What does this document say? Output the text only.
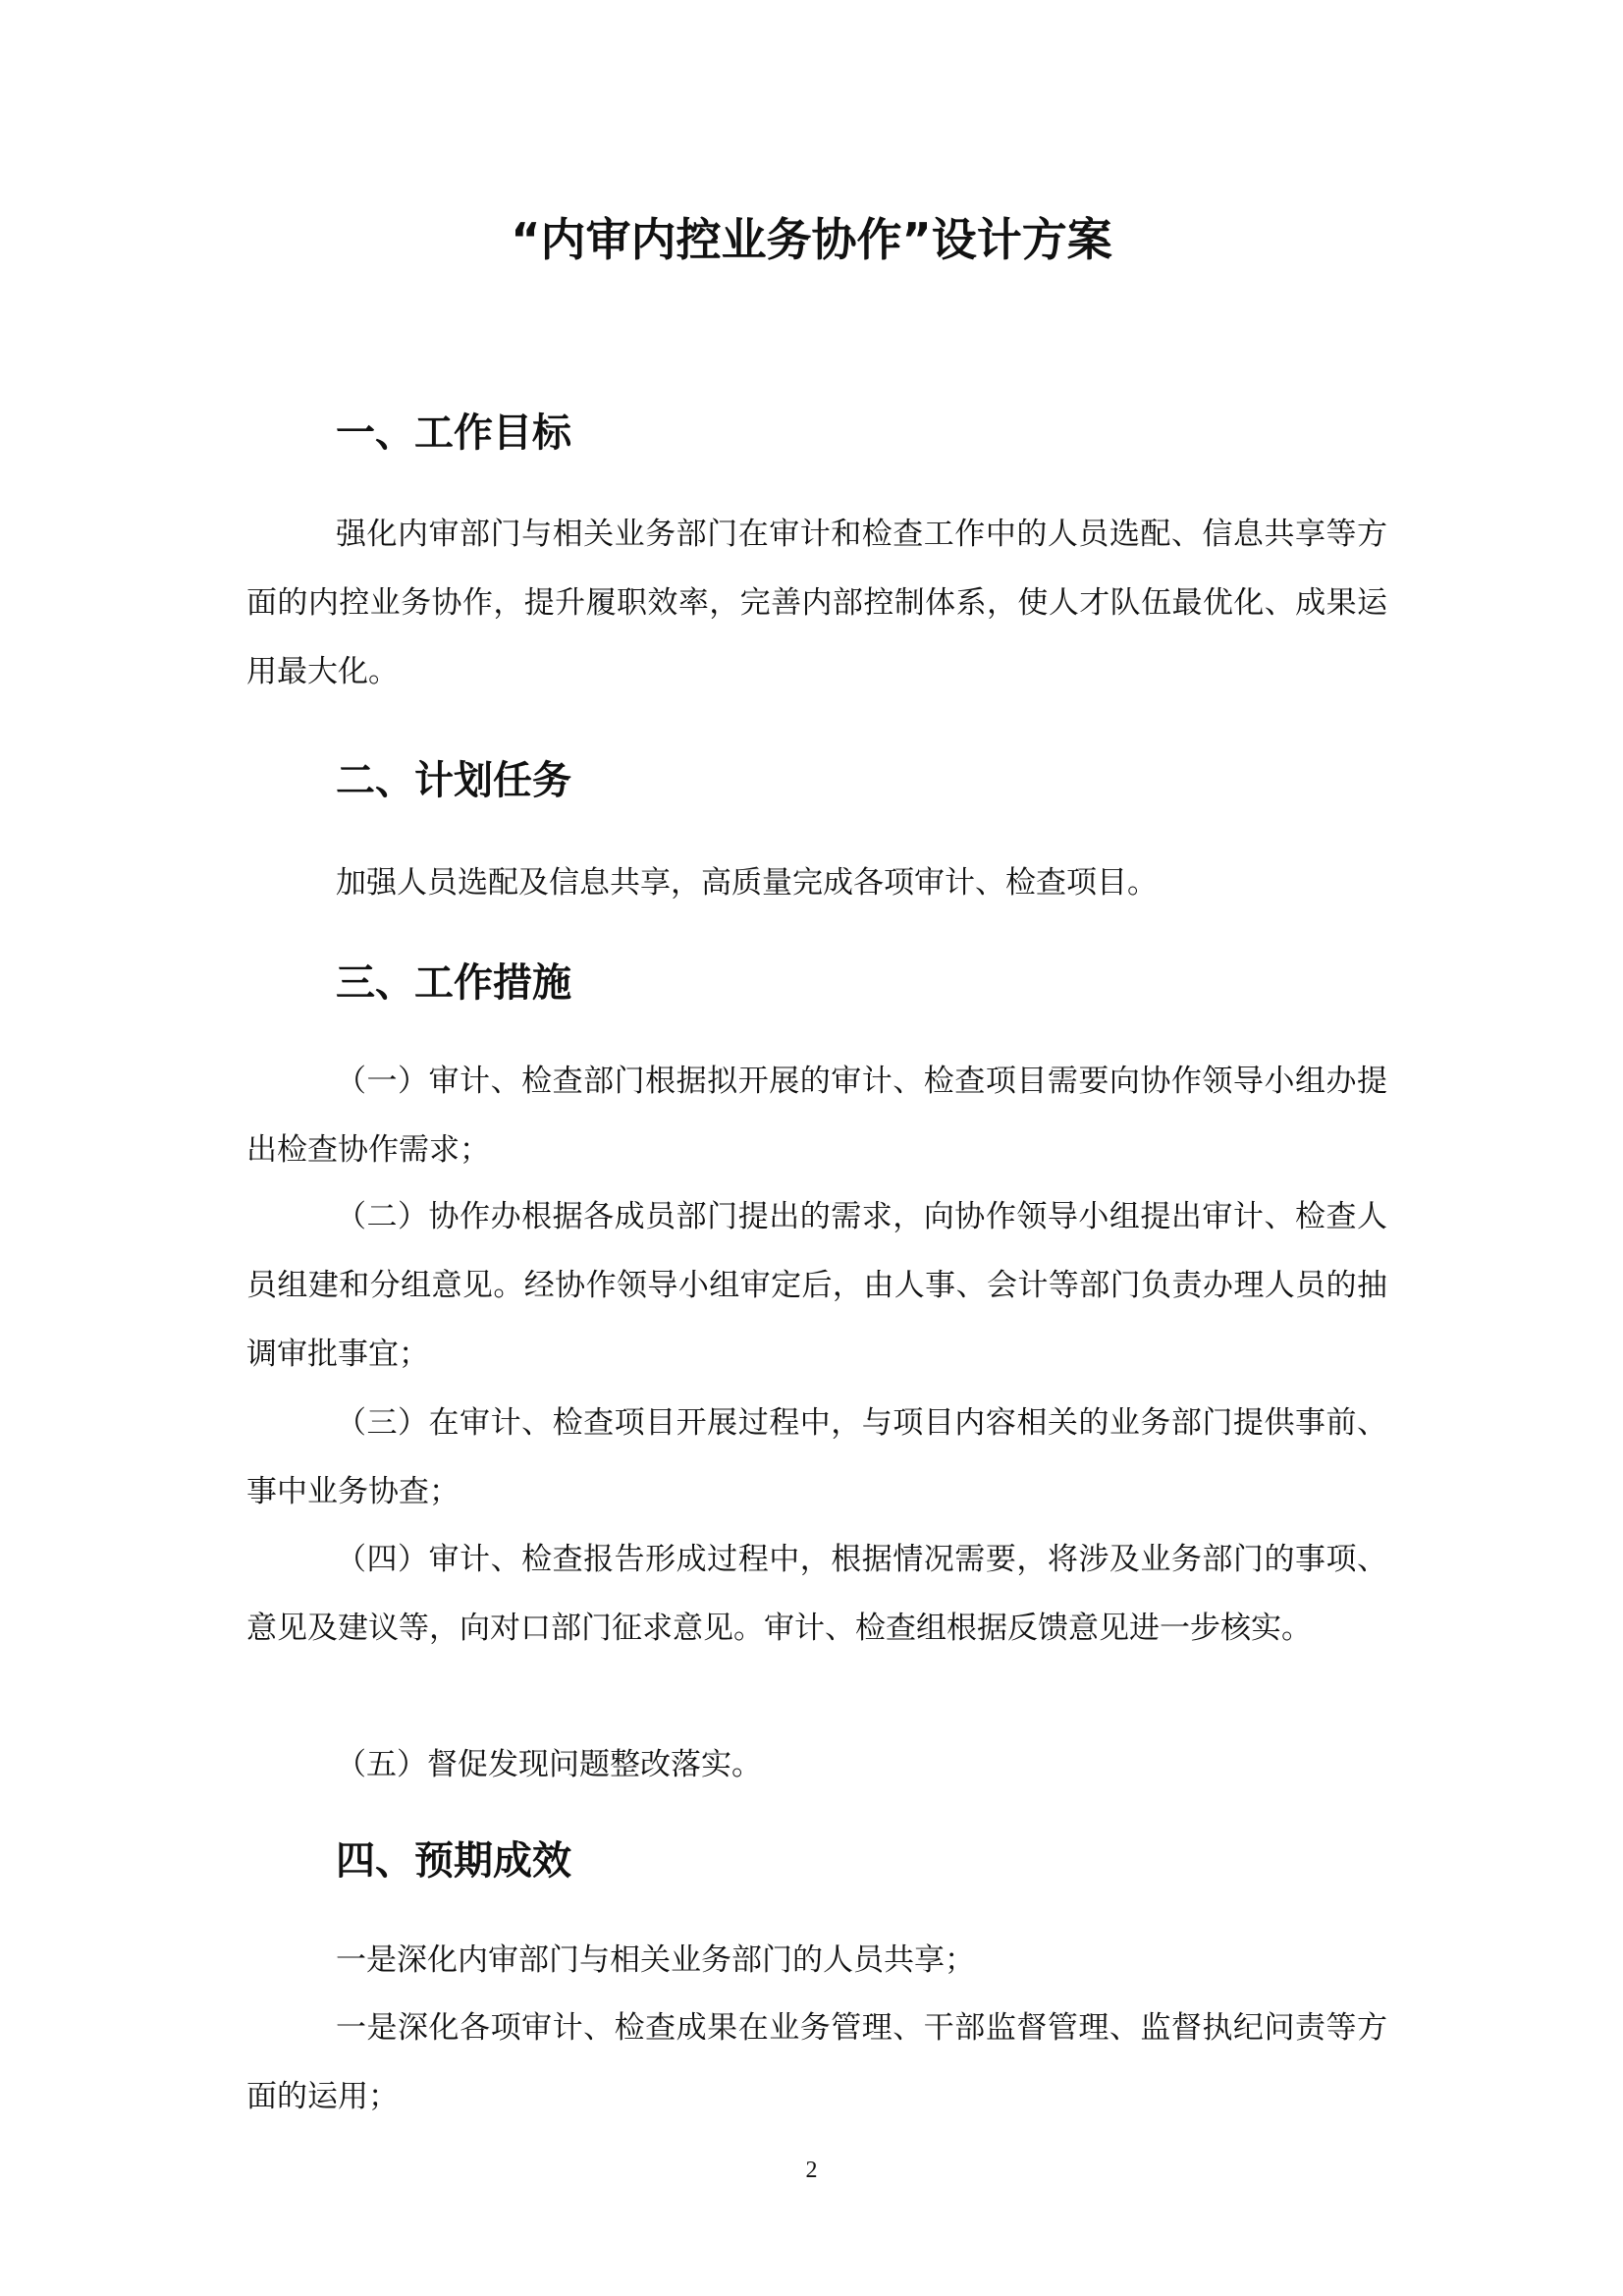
“内审内控业务协作”设计方案
一、工作目标

强化内审部门与相关业务部门在审计和检查工作中的人员选配、信息共享等方面的内控业务协作，提升履职效率，完善内部控制体系，使人才队伍最优化、成果运用最大化。

二、计划任务

加强人员选配及信息共享，高质量完成各项审计、检查项目。

三、工作措施

（一）审计、检查部门根据拟开展的审计、检查项目需要向协作领导小组办提出检查协作需求；

（二）协作办根据各成员部门提出的需求，向协作领导小组提出审计、检查人员组建和分组意见。经协作领导小组审定后，由人事、会计等部门负责办理人员的抽调审批事宜；

（三）在审计、检查项目开展过程中，与项目内容相关的业务部门提供事前、事中业务协查；

（四）审计、检查报告形成过程中，根据情况需要，将涉及业务部门的事项、意见及建议等，向对口部门征求意见。审计、检查组根据反馈意见进一步核实。

（五）督促发现问题整改落实。

四、预期成效

一是深化内审部门与相关业务部门的人员共享；

一是深化各项审计、检查成果在业务管理、干部监督管理、监督执纪问责等方面的运用；

2
